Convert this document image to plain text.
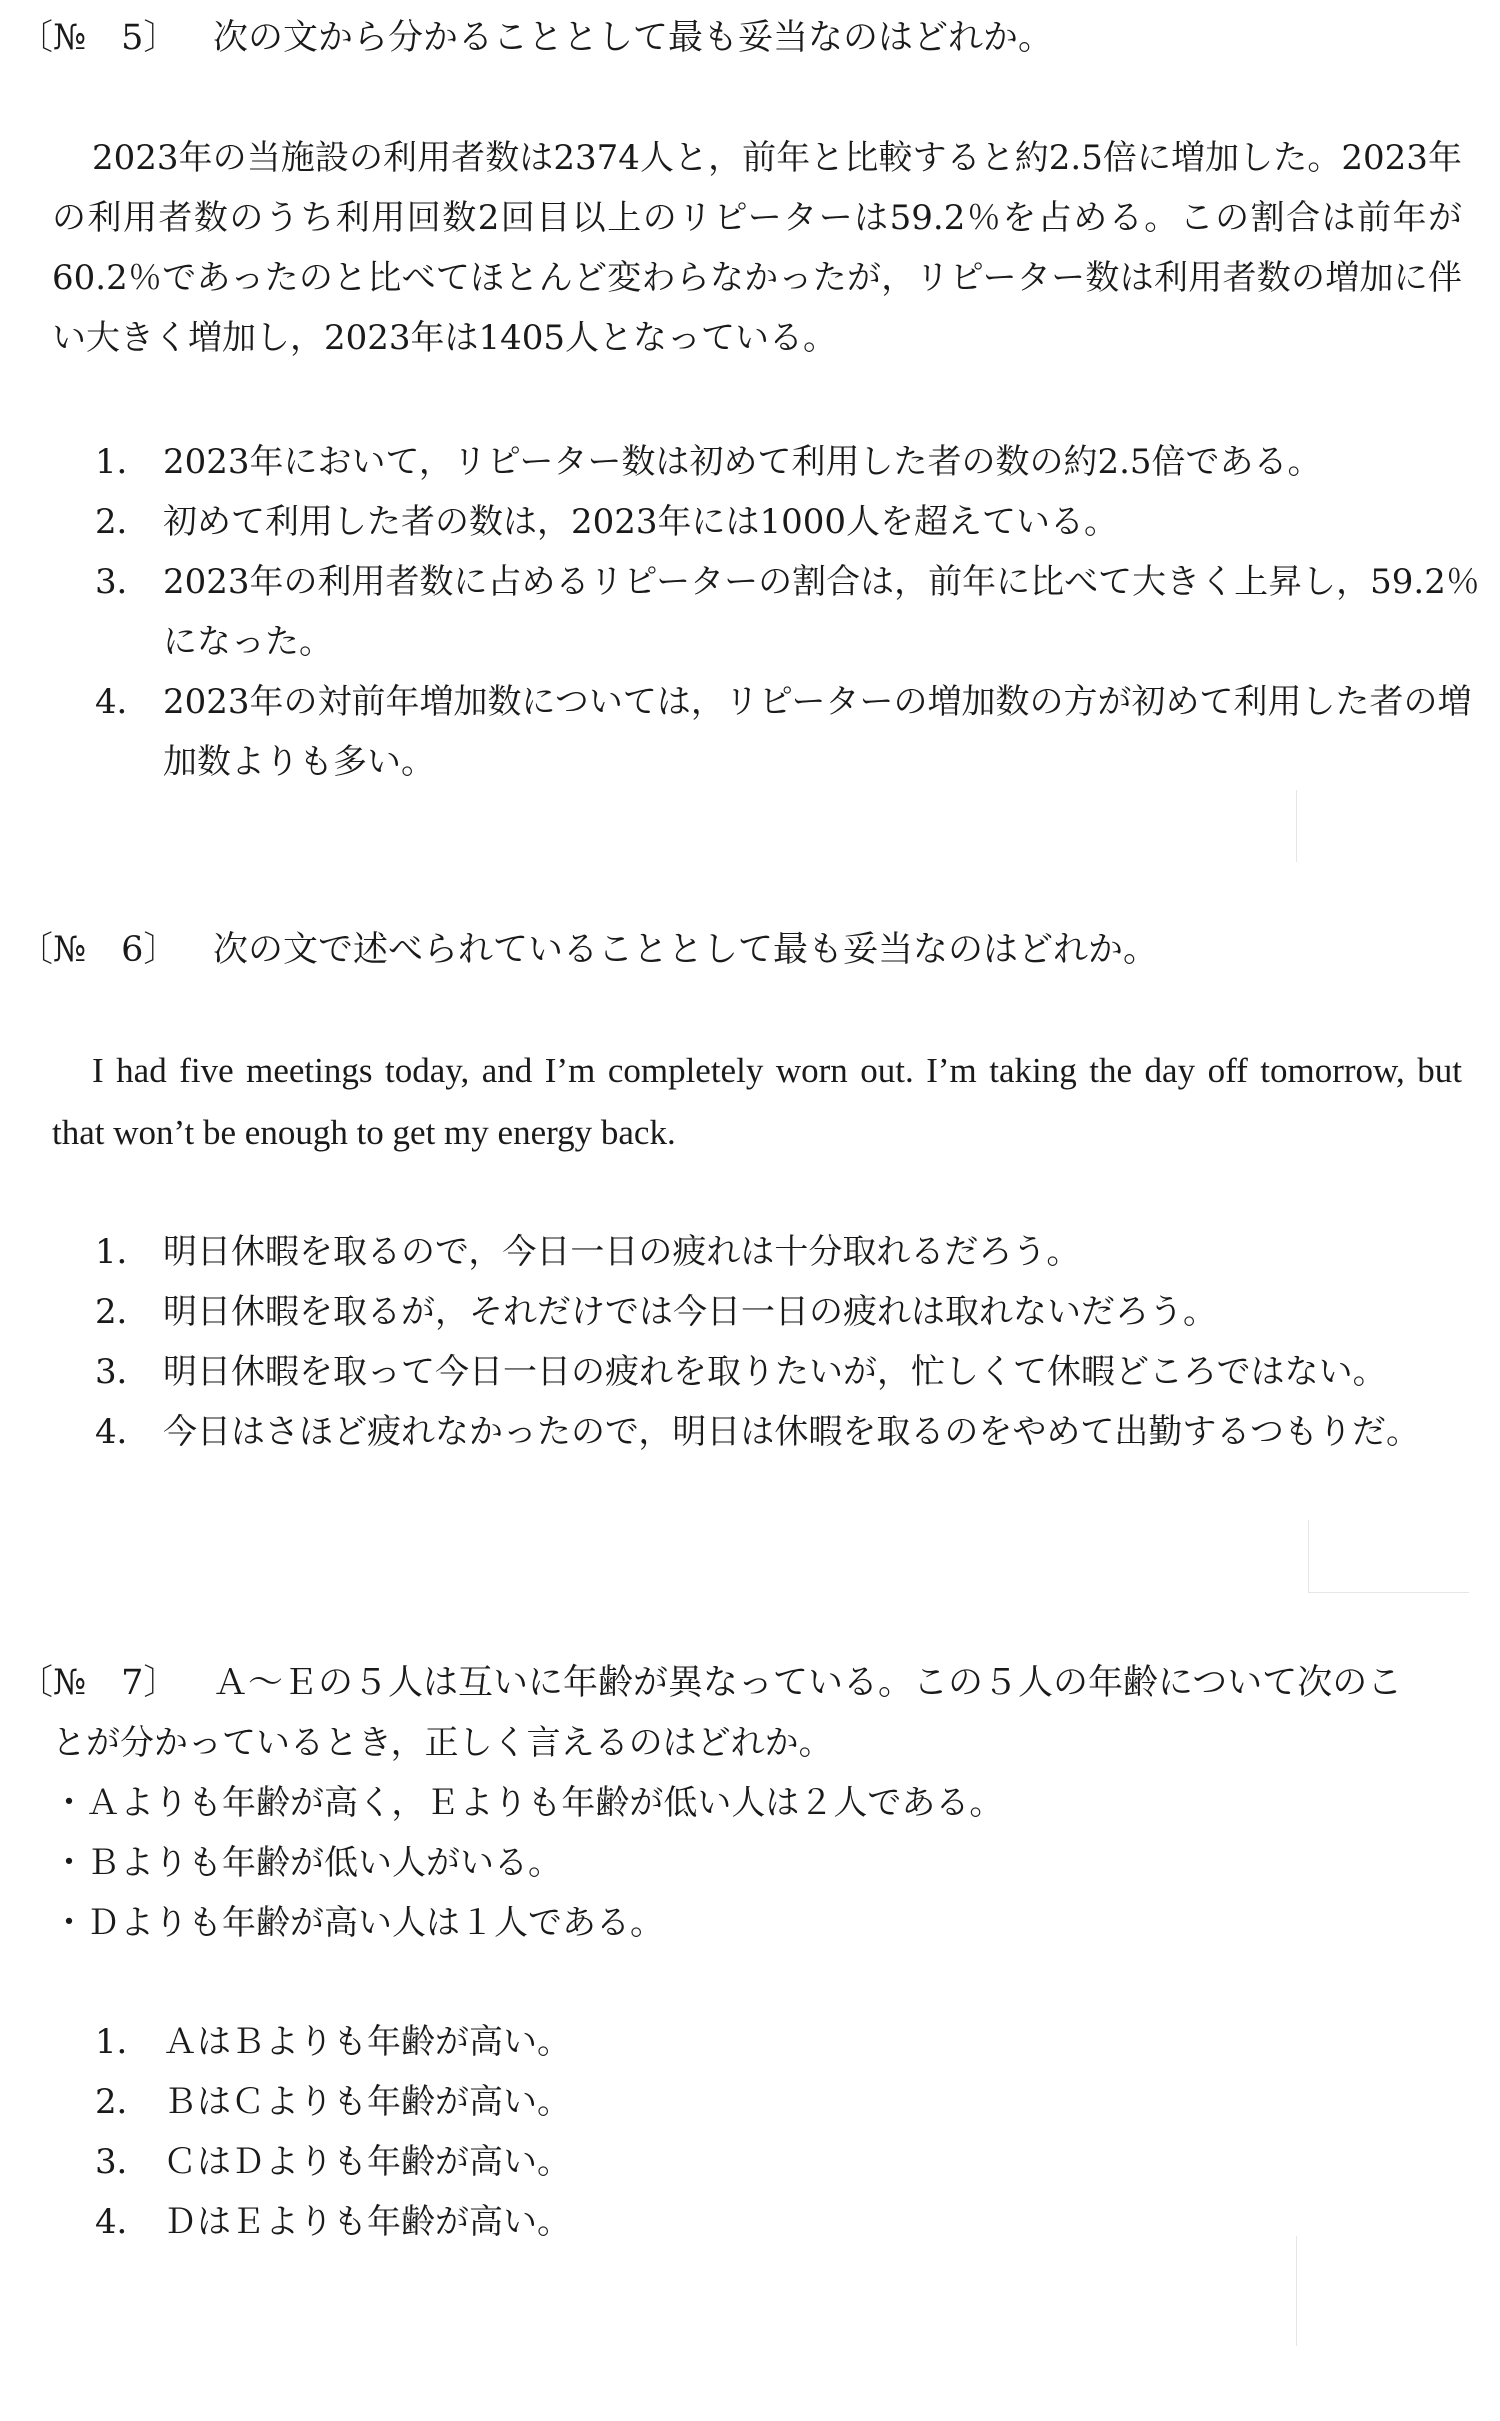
〔№　5〕 次の文から分かることとして最も妥当なのはどれか。

2023年の当施設の利用者数は2374人と，前年と比較すると約2.5倍に増加した。2023年の利用者数のうち利用回数2回目以上のリピーターは59.2％を占める。この割合は前年が60.2％であったのと比べてほとんど変わらなかったが，リピーター数は利用者数の増加に伴い大きく増加し，2023年は1405人となっている。

1． 2023年において，リピーター数は初めて利用した者の数の約2.5倍である。
2． 初めて利用した者の数は，2023年には1000人を超えている。
3． 2023年の利用者数に占めるリピーターの割合は，前年に比べて大きく上昇し，59.2％になった。
4． 2023年の対前年増加数については，リピーターの増加数の方が初めて利用した者の増加数よりも多い。
〔№　6〕 次の文で述べられていることとして最も妥当なのはどれか。

I had five meetings today, and I’m completely worn out. I’m taking the day off tomorrow, but that won’t be enough to get my energy back.

1． 明日休暇を取るので，今日一日の疲れは十分取れるだろう。
2． 明日休暇を取るが，それだけでは今日一日の疲れは取れないだろう。
3． 明日休暇を取って今日一日の疲れを取りたいが，忙しくて休暇どころではない。
4． 今日はさほど疲れなかったので，明日は休暇を取るのをやめて出勤するつもりだ。
〔№　7〕 Ａ～Ｅの５人は互いに年齢が異なっている。この５人の年齢について次のこ
とが分かっているとき，正しく言えるのはどれか。
・Ａよりも年齢が高く，Ｅよりも年齢が低い人は２人である。
・Ｂよりも年齢が低い人がいる。
・Ｄよりも年齢が高い人は１人である。
1． ＡはＢよりも年齢が高い。
2． ＢはＣよりも年齢が高い。
3． ＣはＤよりも年齢が高い。
4． ＤはＥよりも年齢が高い。
